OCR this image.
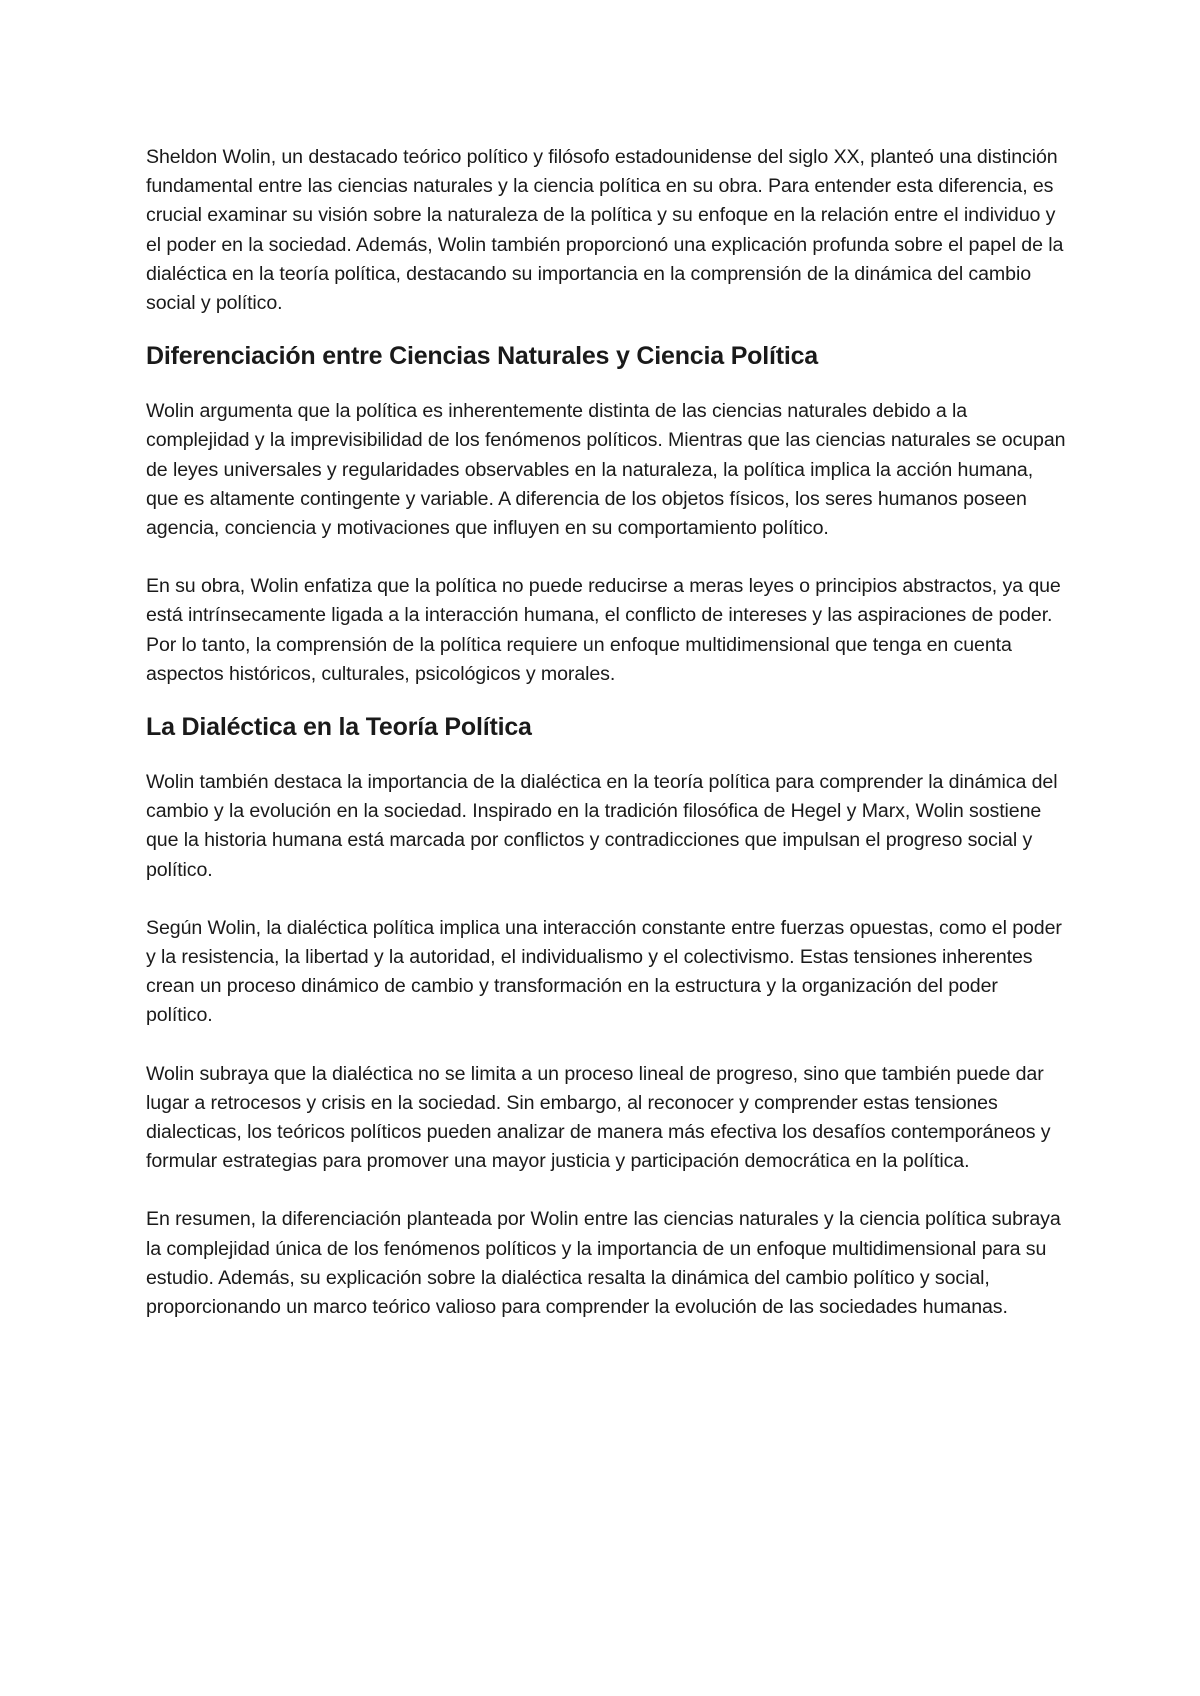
Sheldon Wolin, un destacado teórico político y filósofo estadounidense del siglo XX, planteó una distinción fundamental entre las ciencias naturales y la ciencia política en su obra. Para entender esta diferencia, es crucial examinar su visión sobre la naturaleza de la política y su enfoque en la relación entre el individuo y el poder en la sociedad. Además, Wolin también proporcionó una explicación profunda sobre el papel de la dialéctica en la teoría política, destacando su importancia en la comprensión de la dinámica del cambio social y político.

Diferenciación entre Ciencias Naturales y Ciencia Política

Wolin argumenta que la política es inherentemente distinta de las ciencias naturales debido a la complejidad y la imprevisibilidad de los fenómenos políticos. Mientras que las ciencias naturales se ocupan de leyes universales y regularidades observables en la naturaleza, la política implica la acción humana, que es altamente contingente y variable. A diferencia de los objetos físicos, los seres humanos poseen agencia, conciencia y motivaciones que influyen en su comportamiento político.

En su obra, Wolin enfatiza que la política no puede reducirse a meras leyes o principios abstractos, ya que está intrínsecamente ligada a la interacción humana, el conflicto de intereses y las aspiraciones de poder. Por lo tanto, la comprensión de la política requiere un enfoque multidimensional que tenga en cuenta aspectos históricos, culturales, psicológicos y morales.

La Dialéctica en la Teoría Política

Wolin también destaca la importancia de la dialéctica en la teoría política para comprender la dinámica del cambio y la evolución en la sociedad. Inspirado en la tradición filosófica de Hegel y Marx, Wolin sostiene que la historia humana está marcada por conflictos y contradicciones que impulsan el progreso social y político.

Según Wolin, la dialéctica política implica una interacción constante entre fuerzas opuestas, como el poder y la resistencia, la libertad y la autoridad, el individualismo y el colectivismo. Estas tensiones inherentes crean un proceso dinámico de cambio y transformación en la estructura y la organización del poder político.

Wolin subraya que la dialéctica no se limita a un proceso lineal de progreso, sino que también puede dar lugar a retrocesos y crisis en la sociedad. Sin embargo, al reconocer y comprender estas tensiones dialecticas, los teóricos políticos pueden analizar de manera más efectiva los desafíos contemporáneos y formular estrategias para promover una mayor justicia y participación democrática en la política.

En resumen, la diferenciación planteada por Wolin entre las ciencias naturales y la ciencia política subraya la complejidad única de los fenómenos políticos y la importancia de un enfoque multidimensional para su estudio. Además, su explicación sobre la dialéctica resalta la dinámica del cambio político y social, proporcionando un marco teórico valioso para comprender la evolución de las sociedades humanas.
